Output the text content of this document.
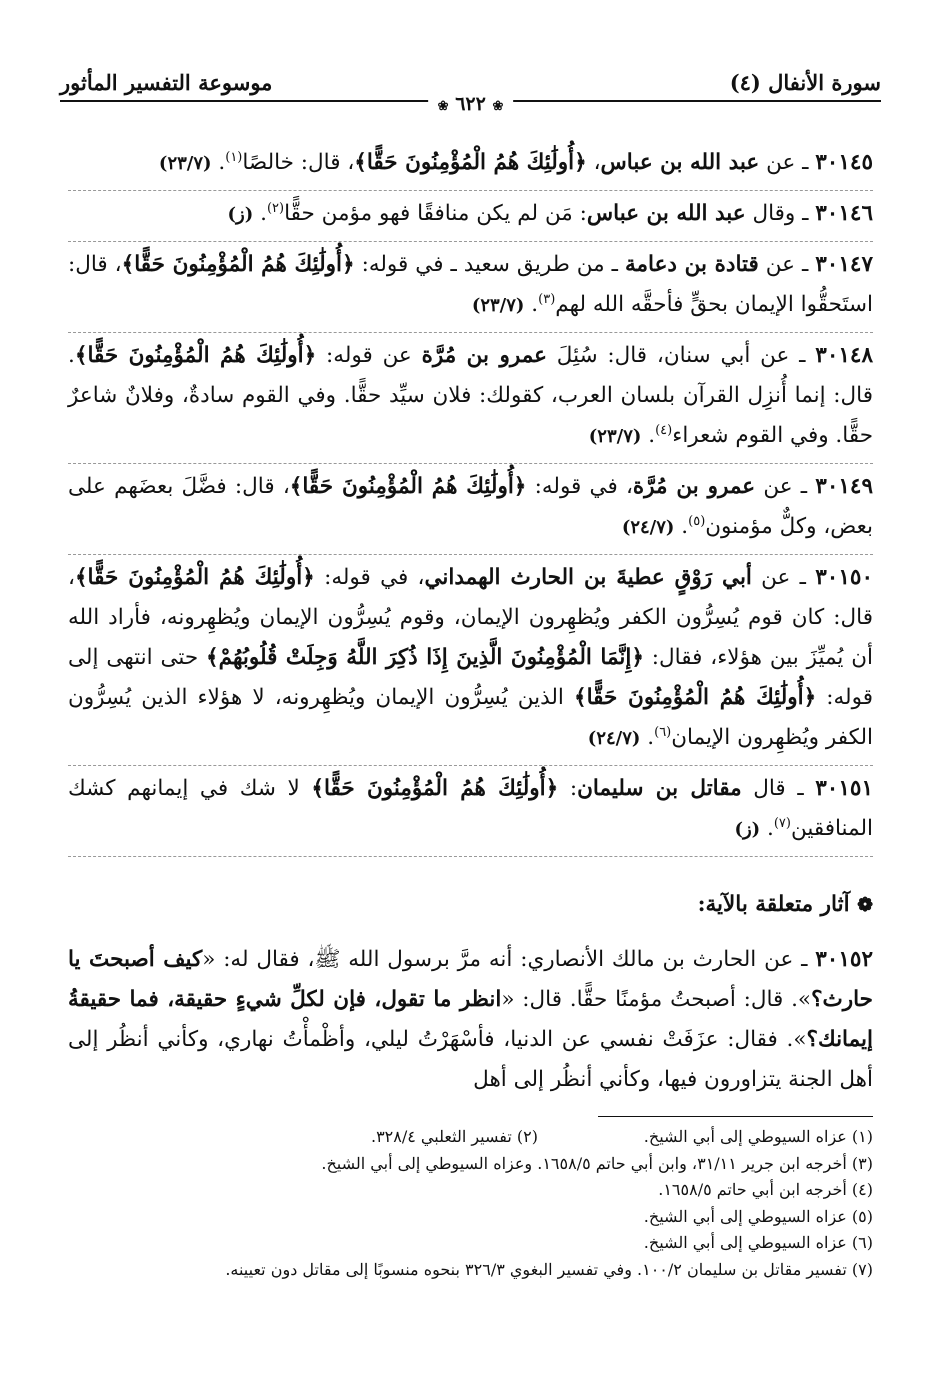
سورة الأنفال (٤)
موسوعة التفسير المأثور
❀ ٦٢٢ ❀

٣٠١٤٥ ـ عن عبد الله بن عباس، ﴿أُولَٰئِكَ هُمُ الْمُؤْمِنُونَ حَقًّا﴾، قال: خالصًا$^{(١)}$. (٢٣/٧)

٣٠١٤٦ ـ وقال عبد الله بن عباس: مَن لم يكن منافقًا فهو مؤمن حقًّا$^{(٢)}$. (ز)

٣٠١٤٧ ـ عن قتادة بن دعامة ـ من طريق سعيد ـ في قوله: ﴿أُولَٰئِكَ هُمُ الْمُؤْمِنُونَ حَقًّا﴾، قال: استَحقُّوا الإيمان بحقٍّ فأحقَّه الله لهم$^{(٣)}$. (٢٣/٧)

٣٠١٤٨ ـ عن أبي سنان، قال: سُئِلَ عمرو بن مُرَّة عن قوله: ﴿أُولَٰئِكَ هُمُ الْمُؤْمِنُونَ حَقًّا﴾. قال: إنما أُنزِل القرآن بلسان العرب، كقولك: فلان سيِّد حقًّا. وفي القوم سادةٌ، وفلانٌ شاعرٌ حقًّا. وفي القوم شعراء$^{(٤)}$. (٢٣/٧)

٣٠١٤٩ ـ عن عمرو بن مُرَّة، في قوله: ﴿أُولَٰئِكَ هُمُ الْمُؤْمِنُونَ حَقًّا﴾، قال: فضَّلَ بعضَهم على بعض، وكلٌّ مؤمنون$^{(٥)}$. (٢٤/٧)

٣٠١٥٠ ـ عن أبي رَوْقٍ عطيةَ بن الحارث الهمداني، في قوله: ﴿أُولَٰئِكَ هُمُ الْمُؤْمِنُونَ حَقًّا﴾، قال: كان قوم يُسِرُّون الكفر ويُظهِرون الإيمان، وقوم يُسِرُّون الإيمان ويُظهِرونه، فأراد الله أن يُميِّزَ بين هؤلاء، فقال: ﴿إِنَّمَا الْمُؤْمِنُونَ الَّذِينَ إِذَا ذُكِرَ اللَّهُ وَجِلَتْ قُلُوبُهُمْ﴾ حتى انتهى إلى قوله: ﴿أُولَٰئِكَ هُمُ الْمُؤْمِنُونَ حَقًّا﴾ الذين يُسِرُّون الإيمان ويُظهِرونه، لا هؤلاء الذين يُسِرُّون الكفر ويُظهِرون الإيمان$^{(٦)}$. (٢٤/٧)

٣٠١٥١ ـ قال مقاتل بن سليمان: ﴿أُولَٰئِكَ هُمُ الْمُؤْمِنُونَ حَقًّا﴾ لا شك في إيمانهم كشك المنافقين$^{(٧)}$. (ز)

❁ آثار متعلقة بالآية:

٣٠١٥٢ ـ عن الحارث بن مالك الأنصاري: أنه مرَّ برسول الله ﷺ، فقال له: «كيف أصبحتَ يا حارث؟». قال: أصبحتُ مؤمنًا حقًّا. قال: «انظر ما تقول، فإن لكلِّ شيءٍ حقيقة، فما حقيقةُ إيمانك؟». فقال: عزَفَتْ نفسي عن الدنيا، فأسْهَرْتُ ليلي، وأظْمأْتُ نهاري، وكأني أنظُر إلى أهل الجنة يتزاورون فيها، وكأني أنظُر إلى أهل

(١) عزاه السيوطي إلى أبي الشيخ.
(٢) تفسير الثعلبي ٣٢٨/٤.
(٣) أخرجه ابن جرير ٣١/١١، وابن أبي حاتم ١٦٥٨/٥. وعزاه السيوطي إلى أبي الشيخ.
(٤) أخرجه ابن أبي حاتم ١٦٥٨/٥.
(٥) عزاه السيوطي إلى أبي الشيخ.
(٦) عزاه السيوطي إلى أبي الشيخ.
(٧) تفسير مقاتل بن سليمان ١٠٠/٢. وفي تفسير البغوي ٣٢٦/٣ بنحوه منسوبًا إلى مقاتل دون تعيينه.
